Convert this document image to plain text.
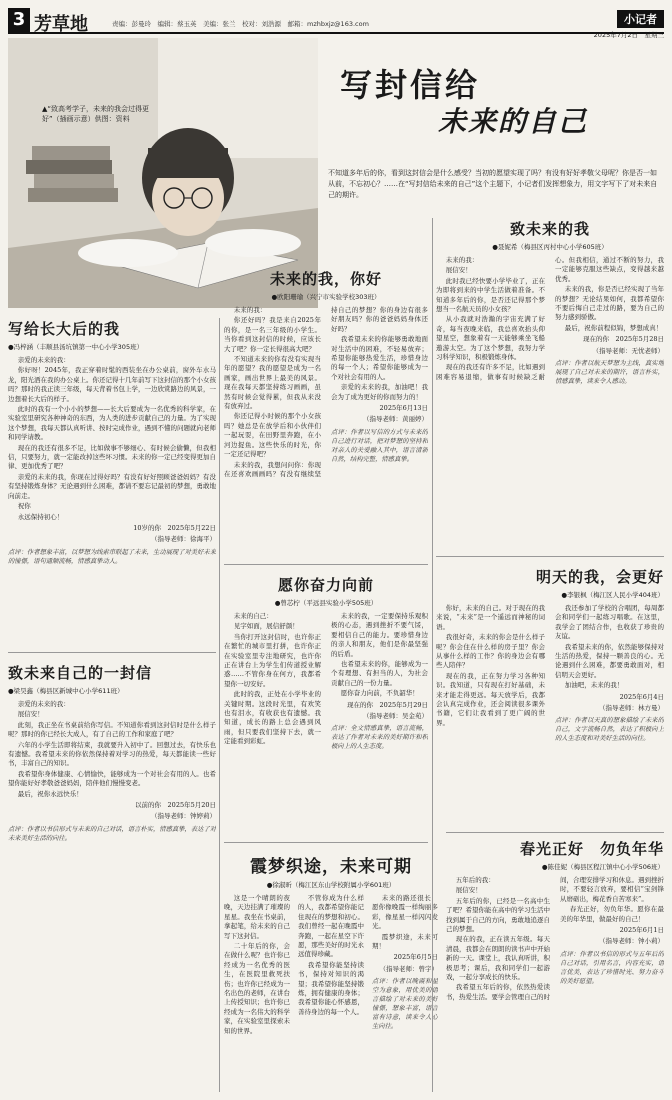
3 芳草地	责编：彭曼玲　编辑：蔡玉英　美编：张兰　校对：刘浩源　邮箱：mzhbxjz@163.com	小记者
2025年7月2日　星期三
▲“致高考学子，未来的我会过得更好”（插画示意）供图：资料
写封信给
未来的自己
不知道多年后的你，看到这封信会是什么感受？当初的愿望实现了吗？有没有好好孝敬父母呢？你是否一如从前，不忘初心？……在“写封信给未来的自己”这个主题下，小记者们发挥想象力，用文字写下了对未来自己的期许。
写给长大后的我
●冯梓涵（丰顺县汤坑镇第一中心小学305班）

亲爱的未来的我：

你好呀！2045年，我正穿着时髦的西装坐在办公桌前，窗外车水马龙，阳光洒在我的办公桌上。你还记得十几年前写下这封信的那个小女孩吗？那时的我正读三年级，每天背着书包上学，一边欣赏路边的风景，一边想着长大后的样子。

此时的我有一个小小的梦想——长大后要成为一名优秀的科学家，在实验室里研究各种神奇的东西，为人类的进步贡献自己的力量。为了实现这个梦想，我每天都认真听讲、按时完成作业，遇到不懂的问题就向老师和同学请教。

现在的我还有很多不足，比如做事不够细心、有时候会偷懒，但我相信，只要努力，就一定能改掉这些坏习惯。未来的你一定已经变得更加自律、更加优秀了吧？

亲爱的未来的我，你现在过得好吗？有没有好好照顾爸爸妈妈？有没有坚持锻炼身体？无论遇到什么困难，都请不要忘记最初的梦想，勇敢地向前走。

祝你

永远保持初心！

10岁的你　2025年5月22日
（指导老师：徐海平）
点评：作者想象丰富，以梦想为线索串联起了未来，生动展现了对美好未来的憧憬，语句通顺流畅，情感真挚动人。
致未来自己的一封信
●梁昊鑫（梅县区新城中心小学611班）

亲爱的未来的我：

展信安！

此刻，我正坐在书桌前给你写信。不知道你看到这封信时是什么样子呢？那时的你已经长大成人，有了自己的工作和家庭了吧？

六年的小学生活即将结束，我就要升入初中了。回想过去，有快乐也有遗憾。我希望未来的你依然保持着对学习的热爱，每天都能读一些好书，丰富自己的知识。

我希望你身体健康、心情愉快，能够成为一个对社会有用的人。也希望你能好好孝敬爸爸妈妈，陪伴他们慢慢变老。

最后，祝你永远快乐！

以前的你　2025年5月20日
（指导老师：钟婷莉）
点评：作者以书信形式与未来的自己对话，语言朴实，情感真挚，表达了对未来美好生活的向往。
未来的我，你好
●欧阳珊瑜（兴宁市实验学校303班）

未来的我：

你还好吗？我是来自2025年的你，是一名三年级的小学生。当你看到这封信的时候，应该长大了吧？你一定长得很高大吧？

不知道未来的你有没有实现当年的愿望？我的愿望是成为一名画家，画出世界上最美的风景。现在我每天都坚持练习画画，虽然有时候会觉得累，但我从来没有放弃过。

你还记得小时候的那个小女孩吗？她总是在放学后和小伙伴们一起玩耍，在田野里奔跑，在小河边捉鱼。这些快乐的时光，你一定还记得吧？

未来的我，我想问问你：你现在还喜欢画画吗？有没有继续坚持自己的梦想？你的身边有很多好朋友吗？你的爸爸妈妈身体还好吗？

我希望未来的你能够勇敢地面对生活中的困难，不轻易放弃；希望你能够热爱生活，珍惜身边的每一个人；希望你能够成为一个对社会有用的人。

亲爱的未来的我，加油吧！我会为了成为更好的你而努力的！

2025年6月13日
（指导老师：黄丽婷）
点评：作者以写信的方式与未来的自己进行对话，把对梦想的坚持和对亲人的关爱融入其中，语言清新自然，结构完整，情感真挚。
愿你奋力向前
●曾芯柠（平远县实验小学505班）

未来的自己：

见字如面，展信舒颜！

当你打开这封信时，也许你正在繁忙的城市里打拼，也许你正在实验室里专注地研究，也许你正在讲台上为学生们传道授业解惑……不管你身在何方，我都希望你一切安好。

此时的我，正处在小学毕业的关键时期。这段时光里，有欢笑也有泪水，有收获也有遗憾。我知道，成长的路上总会遇到风雨，但只要我们坚持下去，就一定能看到彩虹。

未来的我，一定要保持乐观积极的心态，遇到挫折不要气馁，要相信自己的能力。要珍惜身边的亲人和朋友，他们是你最坚强的后盾。

也希望未来的你，能够成为一个有理想、有担当的人，为社会贡献自己的一份力量。

愿你奋力向前，不负韶华！

现在的你　2025年5月29日
（指导老师：吴金苑）
点评：全文情感真挚，语言流畅，表达了作者对未来的美好期许和积极向上的人生态度。
霞梦织途，未来可期
●徐淑昕（梅江区东山学校附属小学601班）

这是一个晴朗的夜晚，天边挂满了璀璨的星星。我坐在书桌前，拿起笔，给未来的自己写下这封信。

二十年后的你，会在做什么呢？也许你已经成为一名优秀的医生，在医院里救死扶伤；也许你已经成为一名出色的老师，在讲台上传授知识；也许你已经成为一名伟大的科学家，在实验室里探索未知的世界。

不管你成为什么样的人，我都希望你能记住现在的梦想和初心。我们曾经一起在晚霞中奔跑，一起在星空下许愿，那些美好的时光永远值得珍藏。

我希望你能坚持读书，保持对知识的渴望；我希望你能坚持锻炼，拥有健康的身体；我希望你能心怀感恩，善待身边的每一个人。

未来的路还很长，愿你像晚霞一样绚丽多彩，像星星一样闪闪发光。

霞梦织途，未来可期！

2025年6月5日
（指导老师：曾宇）
点评：作者以晚霞和星空为意象，用优美的语言描绘了对未来的美好憧憬，想象丰富，语言富有诗意，读来令人心生向往。
致未来的我
●聂妮希（梅县区丙村中心小学605班）

未来的我：

展信安！

此时我已经快要小学毕业了，正在为即将到来的中学生活做着准备。不知道多年后的你，是否还记得那个梦想当一名航天员的小女孩？

从小我就对浩瀚的宇宙充满了好奇，每当夜晚来临，我总喜欢抬头仰望星空，想象着有一天能够乘坐飞船遨游太空。为了这个梦想，我努力学习科学知识，积极锻炼身体。

现在的我还有许多不足，比如遇到困难容易退缩，做事有时候缺乏耐心。但我相信，通过不断的努力，我一定能够克服这些缺点，变得越来越优秀。

未来的我，你是否已经实现了当年的梦想？无论结果如何，我都希望你不要后悔自己走过的路，要为自己的努力感到骄傲。

最后，祝你前程似锦，梦想成真！

现在的你　2025年5月28日
（指导老师：无忧老师）
点评：作者以航天梦想为主线，真实地展现了自己对未来的期许，语言朴实，情感真挚，读来令人感动。
明天的我，会更好
●李银枫（梅江区人民小学404班）

你好，未来的自己。对于现在的我来说，“未来”是一个遥远而神秘的词语。

我很好奇，未来的你会是什么样子呢？你会住在什么样的房子里？你会从事什么样的工作？你的身边会有哪些人陪伴？

现在的我，正在努力学习各种知识。我知道，只有现在打好基础，未来才能走得更远。每天放学后，我都会认真完成作业，还会阅读很多课外书籍，它们让我看到了更广阔的世界。

我还参加了学校的合唱团，每周都会和同学们一起练习唱歌。在这里，我学会了团结合作，也收获了珍贵的友谊。

我希望未来的你，依然能够保持对生活的热爱，保持一颗善良的心。无论遇到什么困难，都要勇敢面对，相信明天会更好。

加油吧，未来的我！

2025年6月4日
（指导老师：林方曼）
点评：作者以天真的想象描绘了未来的自己，文字流畅自然，表达了积极向上的人生态度和对美好生活的向往。
春光正好　勿负年华
●陈佳妮（梅县区程江镇中心小学506班）

五年后的我：

展信安！

五年后的你，已经是一名高中生了吧？希望你能在高中的学习生活中找到属于自己的方向，勇敢地追逐自己的梦想。

现在的我，正在读五年级。每天清晨，我都会在朗朗的读书声中开始新的一天。课堂上，我认真听讲，积极思考；课后，我和同学们一起游戏，一起分享成长的快乐。

我希望五年后的你，依然热爱读书，热爱生活。要学会管理自己的时间，合理安排学习和休息。遇到挫折时，不要轻言放弃，要相信“宝剑锋从磨砺出，梅花香自苦寒来”。

春光正好，勿负年华。愿你在最美的年华里，做最好的自己！

2025年6月1日
（指导老师：钟小莉）
点评：作者以书信的形式与五年后的自己对话，引用名言，内容充实，语言优美，表达了珍惜时光、努力奋斗的美好愿望。
